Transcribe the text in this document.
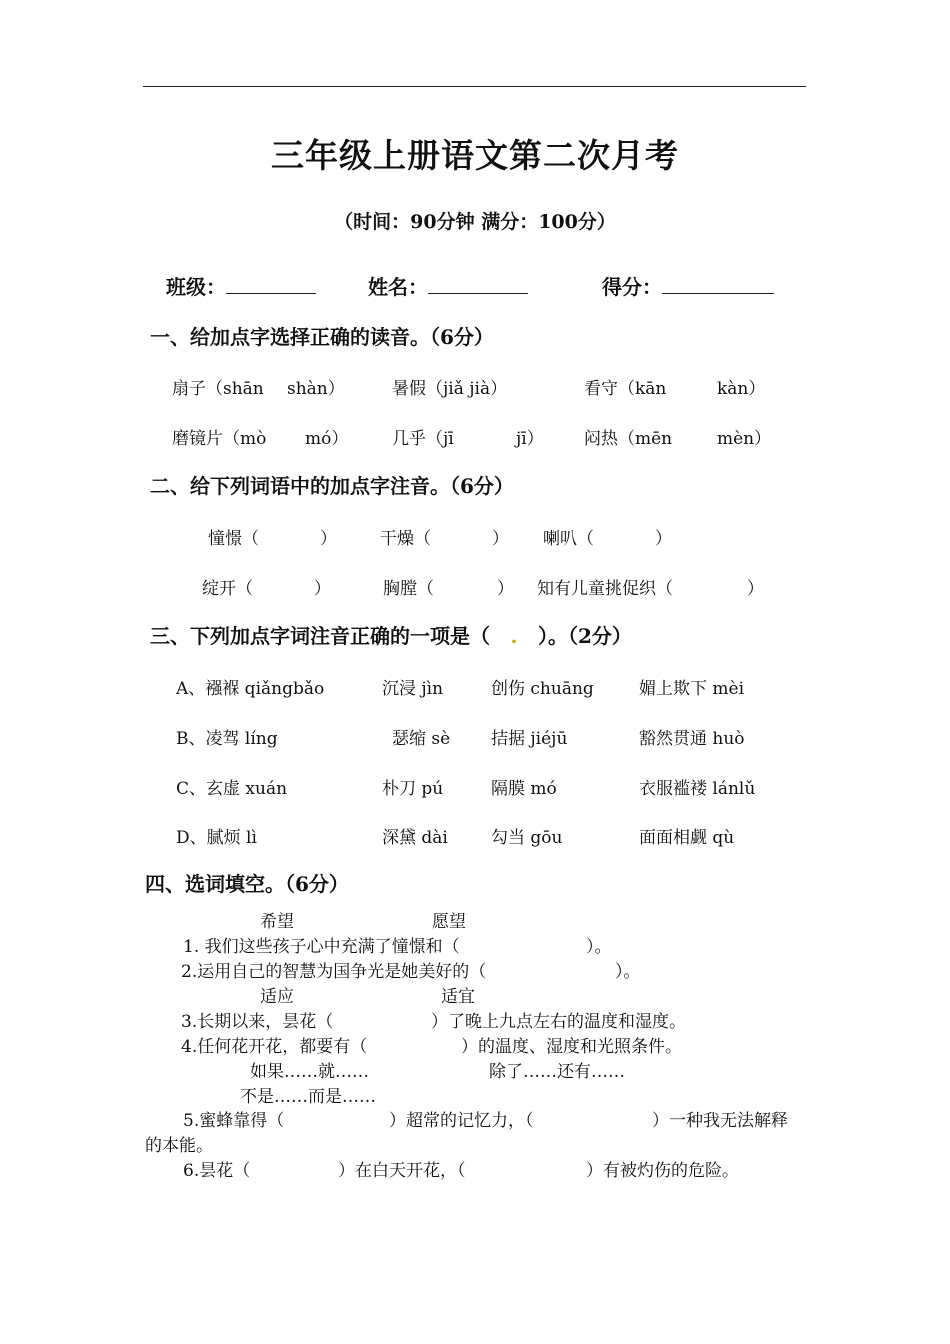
三年级上册语文第二次月考
（时间：90分钟 满分：100分）
班级：	姓名：	得分：
一、给加点字选择正确的读音。（6分）
扇子（shān shàn）	暑假（jiǎ jià）	看守（kān	kàn）
磨镜片（mò mó）	几乎（jī	jī） 闷热（mēn	mèn）
二、给下列词语中的加点字注音。（6分）
憧憬（	）	干燥（	） 喇叭（	）
绽开（	）	胸膛（	） 知有儿童挑促织（	）
三、下列加点字词注音正确的一项是（ . ）。（2分）
A、襁褓 qiǎngbǎo	沉浸 jìn	创伤 chuāng	媚上欺下 mèi
B、凌驾 líng	瑟缩 sè 拮据 jiéjū	豁然贯通 huò
C、玄虚 xuán	朴刀 pú	隔膜 mó	衣服褴褛 lánlǔ
D、腻烦 lì	深黛 dài	勾当 gōu	面面相觑 qù
四、选词填空。（6分）
希望	愿望
1. 我们这些孩子心中充满了憧憬和（	）。
2.运用自己的智慧为国争光是她美好的（	）。
适应	适宜
3.长期以来，昙花（	）了晚上九点左右的温度和湿度。
4.任何花开花，都要有（	）的温度、湿度和光照条件。
如果……就……	除了……还有……
不是……而是……
5.蜜蜂靠得（	）超常的记忆力，（	）一种我无法解释
的本能。
6.昙花（	）在白天开花，（	）有被灼伤的危险。
